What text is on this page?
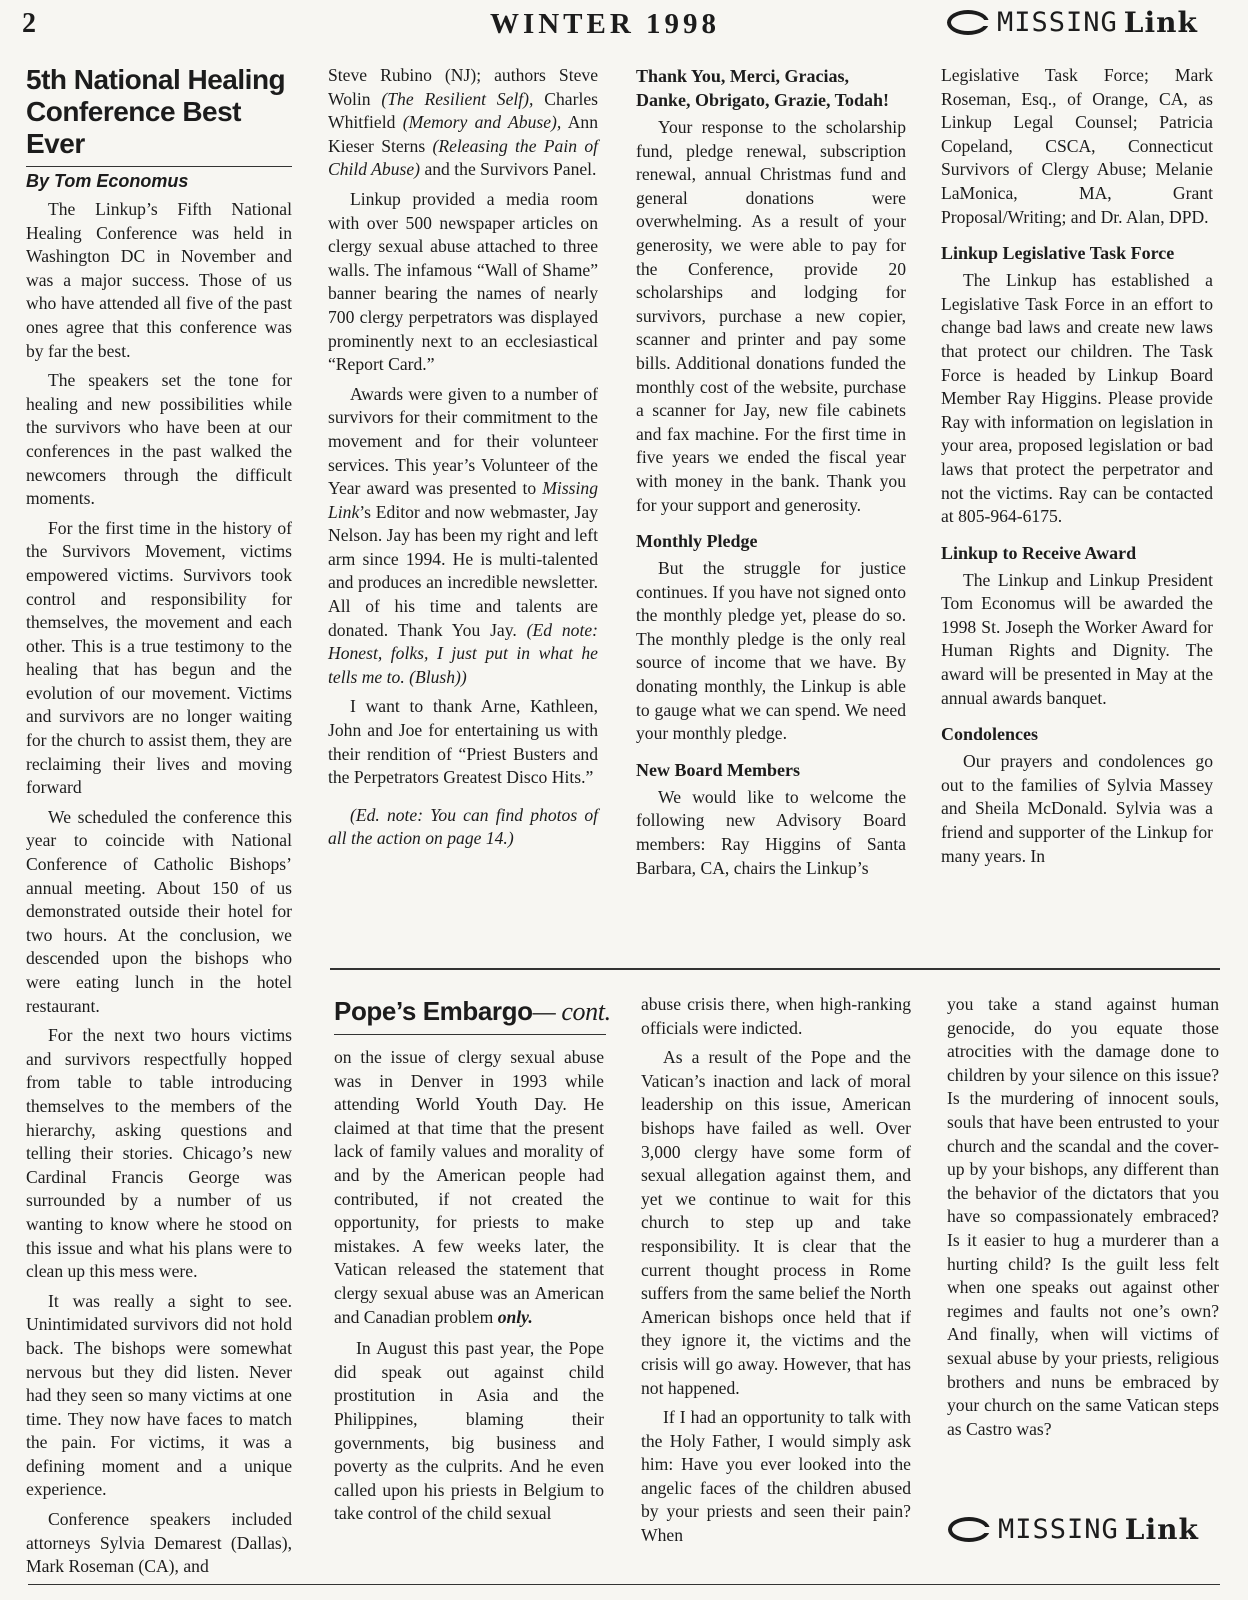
2	WINTER 1998	MISSING Link
5th National Healing Conference Best Ever
By Tom Economus

The Linkup’s Fifth National Healing Conference was held in Washington DC in November and was a major success. Those of us who have attended all five of the past ones agree that this conference was by far the best.

The speakers set the tone for healing and new possibilities while the survivors who have been at our conferences in the past walked the newcomers through the difficult moments.

For the first time in the history of the Survivors Movement, victims empowered victims. Survivors took control and responsibility for themselves, the movement and each other. This is a true testimony to the healing that has begun and the evolution of our movement. Victims and survivors are no longer waiting for the church to assist them, they are reclaiming their lives and moving forward

We scheduled the conference this year to coincide with National Conference of Catholic Bishops’ annual meeting. About 150 of us demonstrated outside their hotel for two hours. At the conclusion, we descended upon the bishops who were eating lunch in the hotel restaurant.

For the next two hours victims and survivors respectfully hopped from table to table introducing themselves to the members of the hierarchy, asking questions and telling their stories. Chicago’s new Cardinal Francis George was surrounded by a number of us wanting to know where he stood on this issue and what his plans were to clean up this mess were.

It was really a sight to see. Unintimidated survivors did not hold back. The bishops were somewhat nervous but they did listen. Never had they seen so many victims at one time. They now have faces to match the pain. For victims, it was a defining moment and a unique experience.

Conference speakers included attorneys Sylvia Demarest (Dallas), Mark Roseman (CA), and

Steve Rubino (NJ); authors Steve Wolin (The Resilient Self), Charles Whitfield (Memory and Abuse), Ann Kieser Sterns (Releasing the Pain of Child Abuse) and the Survivors Panel.

Linkup provided a media room with over 500 newspaper articles on clergy sexual abuse attached to three walls. The infamous “Wall of Shame” banner bearing the names of nearly 700 clergy perpetrators was displayed prominently next to an ecclesiastical “Report Card.”

Awards were given to a number of survivors for their commitment to the movement and for their volunteer services. This year’s Volunteer of the Year award was presented to Missing Link’s Editor and now webmaster, Jay Nelson. Jay has been my right and left arm since 1994. He is multi-talented and produces an incredible newsletter. All of his time and talents are donated. Thank You Jay. (Ed note: Honest, folks, I just put in what he tells me to. (Blush))

I want to thank Arne, Kathleen, John and Joe for entertaining us with their rendition of “Priest Busters and the Perpetrators Greatest Disco Hits.”

(Ed. note: You can find photos of all the action on page 14.)

Thank You, Merci, Gracias, Danke, Obrigato, Grazie, Todah!

Your response to the scholarship fund, pledge renewal, subscription renewal, annual Christmas fund and general donations were overwhelming. As a result of your generosity, we were able to pay for the Conference, provide 20 scholarships and lodging for survivors, purchase a new copier, scanner and printer and pay some bills. Additional donations funded the monthly cost of the website, purchase a scanner for Jay, new file cabinets and fax machine. For the first time in five years we ended the fiscal year with money in the bank. Thank you for your support and generosity.

Monthly Pledge

But the struggle for justice continues. If you have not signed onto the monthly pledge yet, please do so. The monthly pledge is the only real source of income that we have. By donating monthly, the Linkup is able to gauge what we can spend. We need your monthly pledge.

New Board Members

We would like to welcome the following new Advisory Board members: Ray Higgins of Santa Barbara, CA, chairs the Linkup’s

Legislative Task Force; Mark Roseman, Esq., of Orange, CA, as Linkup Legal Counsel; Patricia Copeland, CSCA, Connecticut Survivors of Clergy Abuse; Melanie LaMonica, MA, Grant Proposal/Writing; and Dr. Alan, DPD.

Linkup Legislative Task Force

The Linkup has established a Legislative Task Force in an effort to change bad laws and create new laws that protect our children. The Task Force is headed by Linkup Board Member Ray Higgins. Please provide Ray with information on legislation in your area, proposed legislation or bad laws that protect the perpetrator and not the victims. Ray can be contacted at 805-964-6175.

Linkup to Receive Award

The Linkup and Linkup President Tom Economus will be awarded the 1998 St. Joseph the Worker Award for Human Rights and Dignity. The award will be presented in May at the annual awards banquet.

Condolences

Our prayers and condolences go out to the families of Sylvia Massey and Sheila McDonald. Sylvia was a friend and supporter of the Linkup for many years. In

Pope’s Embargo— cont.

on the issue of clergy sexual abuse was in Denver in 1993 while attending World Youth Day. He claimed at that time that the present lack of family values and morality of and by the American people had contributed, if not created the opportunity, for priests to make mistakes. A few weeks later, the Vatican released the statement that clergy sexual abuse was an American and Canadian problem only.

In August this past year, the Pope did speak out against child prostitution in Asia and the Philippines, blaming their governments, big business and poverty as the culprits. And he even called upon his priests in Belgium to take control of the child sexual

abuse crisis there, when high-ranking officials were indicted.

As a result of the Pope and the Vatican’s inaction and lack of moral leadership on this issue, American bishops have failed as well. Over 3,000 clergy have some form of sexual allegation against them, and yet we continue to wait for this church to step up and take responsibility. It is clear that the current thought process in Rome suffers from the same belief the North American bishops once held that if they ignore it, the victims and the crisis will go away. However, that has not happened.

If I had an opportunity to talk with the Holy Father, I would simply ask him: Have you ever looked into the angelic faces of the children abused by your priests and seen their pain? When

you take a stand against human genocide, do you equate those atrocities with the damage done to children by your silence on this issue? Is the murdering of innocent souls, souls that have been entrusted to your church and the scandal and the cover-up by your bishops, any different than the behavior of the dictators that you have so compassionately embraced? Is it easier to hug a murderer than a hurting child? Is the guilt less felt when one speaks out against other regimes and faults not one’s own? And finally, when will victims of sexual abuse by your priests, religious brothers and nuns be embraced by your church on the same Vatican steps as Castro was?

MISSING Link
